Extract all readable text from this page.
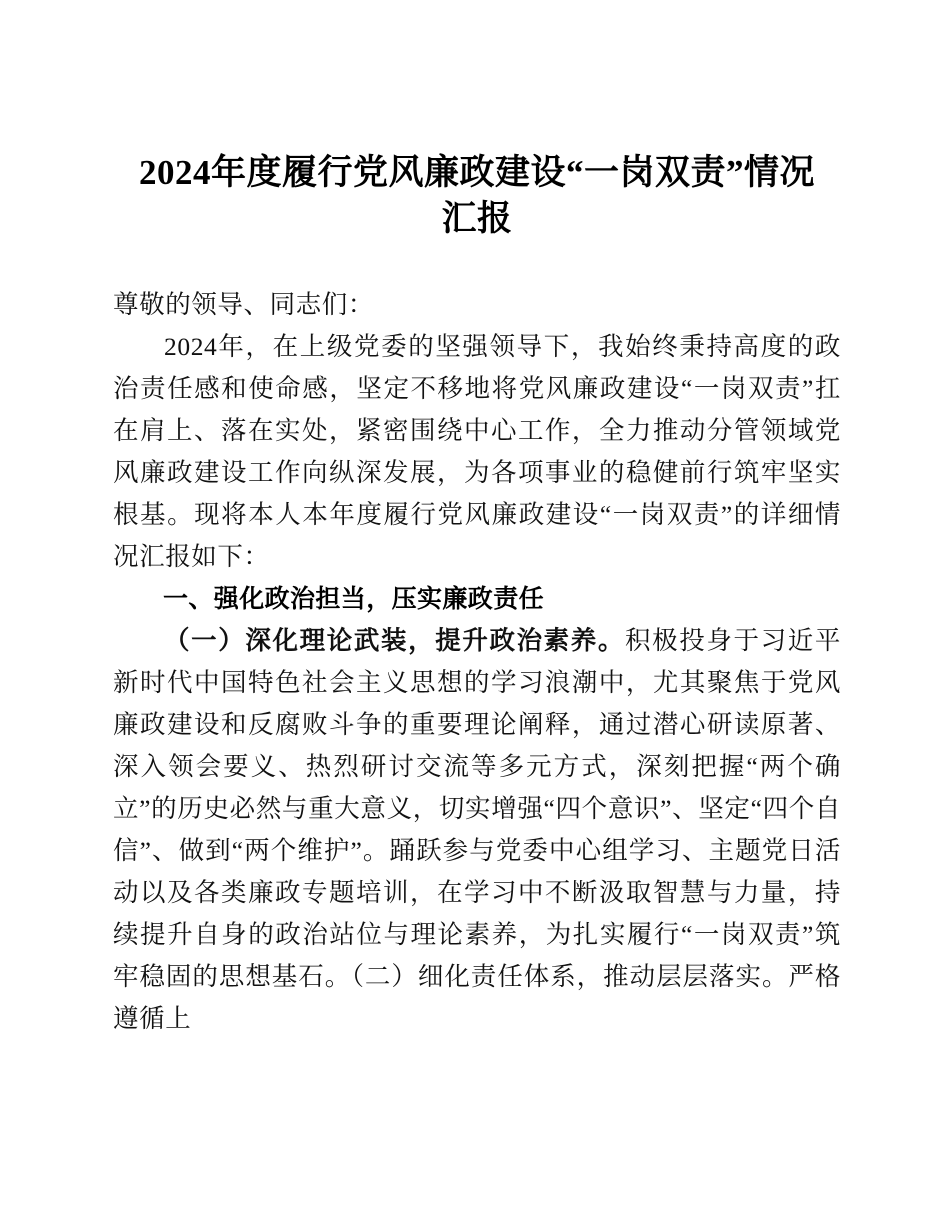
2024年度履行党风廉政建设“一岗双责”情况
汇报

尊敬的领导、同志们：

2024年，在上级党委的坚强领导下，我始终秉持高度的政治责任感和使命感，坚定不移地将党风廉政建设“一岗双责”扛在肩上、落在实处，紧密围绕中心工作，全力推动分管领域党风廉政建设工作向纵深发展，为各项事业的稳健前行筑牢坚实根基。现将本人本年度履行党风廉政建设“一岗双责”的详细情况汇报如下：

一、强化政治担当，压实廉政责任

（一）深化理论武装，提升政治素养。积极投身于习近平新时代中国特色社会主义思想的学习浪潮中，尤其聚焦于党风廉政建设和反腐败斗争的重要理论阐释，通过潜心研读原著、深入领会要义、热烈研讨交流等多元方式，深刻把握“两个确立”的历史必然与重大意义，切实增强“四个意识”、坚定“四个自信”、做到“两个维护”。踊跃参与党委中心组学习、主题党日活动以及各类廉政专题培训，在学习中不断汲取智慧与力量，持续提升自身的政治站位与理论素养，为扎实履行“一岗双责”筑牢稳固的思想基石。（二）细化责任体系，推动层层落实。严格遵循上
